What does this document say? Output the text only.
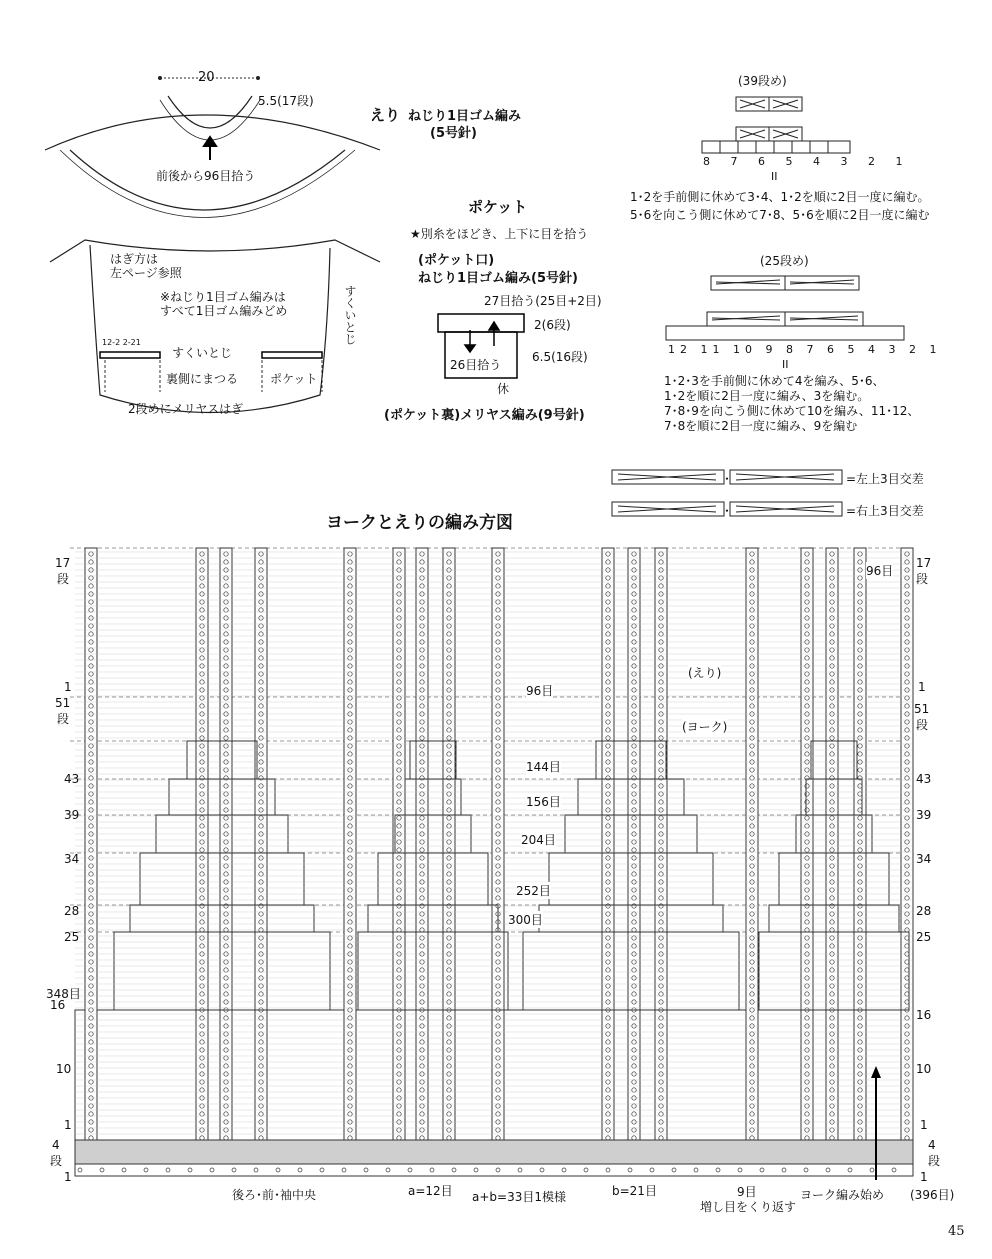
20
5.5(17段)
えり ねじり1目ゴム編み
(5号針)
前後から96目拾う
はぎ方は
左ページ参照
※ねじり1目ゴム編みは
すべて1目ゴム編みどめ	すくいとじ
12-2 2-21
すくいとじ
裏側にまつる	ポケット
2段めにメリヤスはぎ
ポケット
★別糸をほどき、上下に目を拾う
(ポケット口)
ねじり1目ゴム編み(5号針)
27目拾う(25目+2目)
2(6段)
6.5(16段)
26目拾う
休
(ポケット裏)メリヤス編み(9号針)
(39段め)
8 7 6 5 4 3 2 1
II
1･2を手前側に休めて3･4、1･2を順に2目一度に編む。
5･6を向こう側に休めて7･8、5･6を順に2目一度に編む
(25段め)
12 11 10 9 8 7 6 5 4 3 2 1
II
1･2･3を手前側に休めて4を編み、5･6、
1･2を順に2目一度に編み、3を編む。
7･8･9を向こう側に休めて10を編み、11･12、
7･8を順に2目一度に編み、9を編む
･	=左上3目交差
･	=右上3目交差
ヨークとえりの編み方図
17
段
1
51
段
43
39
34
28
25
348目
16
10
1
4
段
1
17
段
1
51
段
43
39
34
28
25
16
10
1
4
段
1
96目
96目
144目
156目
204目
252目
300目
(えり)
(ヨーク)
後ろ･前･袖中央	a=12目 a+b=33目1模様	b=21目	9目
増し目をくり返す
ヨーク編み始め (396目)
45
